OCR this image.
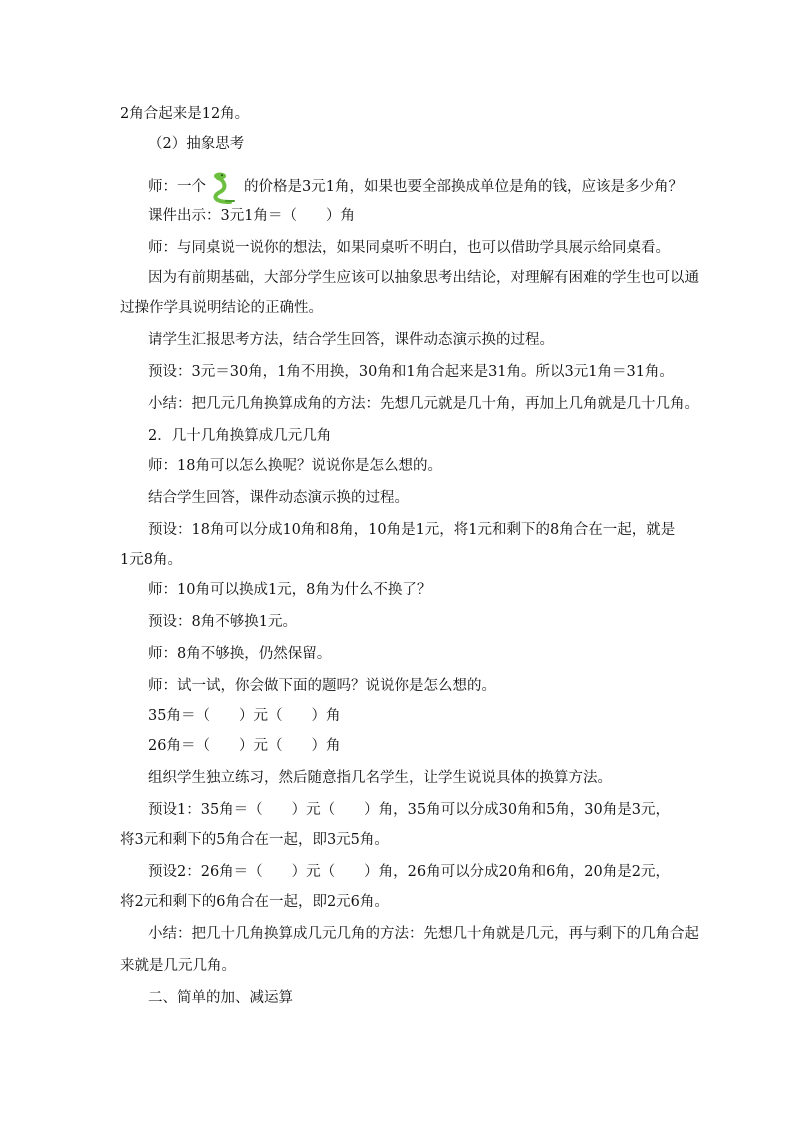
2角合起来是12角。
（2）抽象思考
师：一个	的价格是3元1角，如果也要全部换成单位是角的钱，应该是多少角？
课件出示：3元1角＝（　　）角
师：与同桌说一说你的想法，如果同桌听不明白，也可以借助学具展示给同桌看。
因为有前期基础，大部分学生应该可以抽象思考出结论，对理解有困难的学生也可以通
过操作学具说明结论的正确性。
请学生汇报思考方法，结合学生回答，课件动态演示换的过程。
预设：3元＝30角，1角不用换，30角和1角合起来是31角。所以3元1角＝31角。
小结：把几元几角换算成角的方法：先想几元就是几十角，再加上几角就是几十几角。
2．几十几角换算成几元几角
师：18角可以怎么换呢？说说你是怎么想的。
结合学生回答，课件动态演示换的过程。
预设：18角可以分成10角和8角，10角是1元，将1元和剩下的8角合在一起，就是
1元8角。
师：10角可以换成1元，8角为什么不换了？
预设：8角不够换1元。
师：8角不够换，仍然保留。
师：试一试，你会做下面的题吗？说说你是怎么想的。
35角＝（　　）元（　　）角
26角＝（　　）元（　　）角
组织学生独立练习，然后随意指几名学生，让学生说说具体的换算方法。
预设1：35角＝（　　）元（　　）角，35角可以分成30角和5角，30角是3元，
将3元和剩下的5角合在一起，即3元5角。
预设2：26角＝（　　）元（　　）角，26角可以分成20角和6角，20角是2元，
将2元和剩下的6角合在一起，即2元6角。
小结：把几十几角换算成几元几角的方法：先想几十角就是几元，再与剩下的几角合起
来就是几元几角。
二、简单的加、减运算
